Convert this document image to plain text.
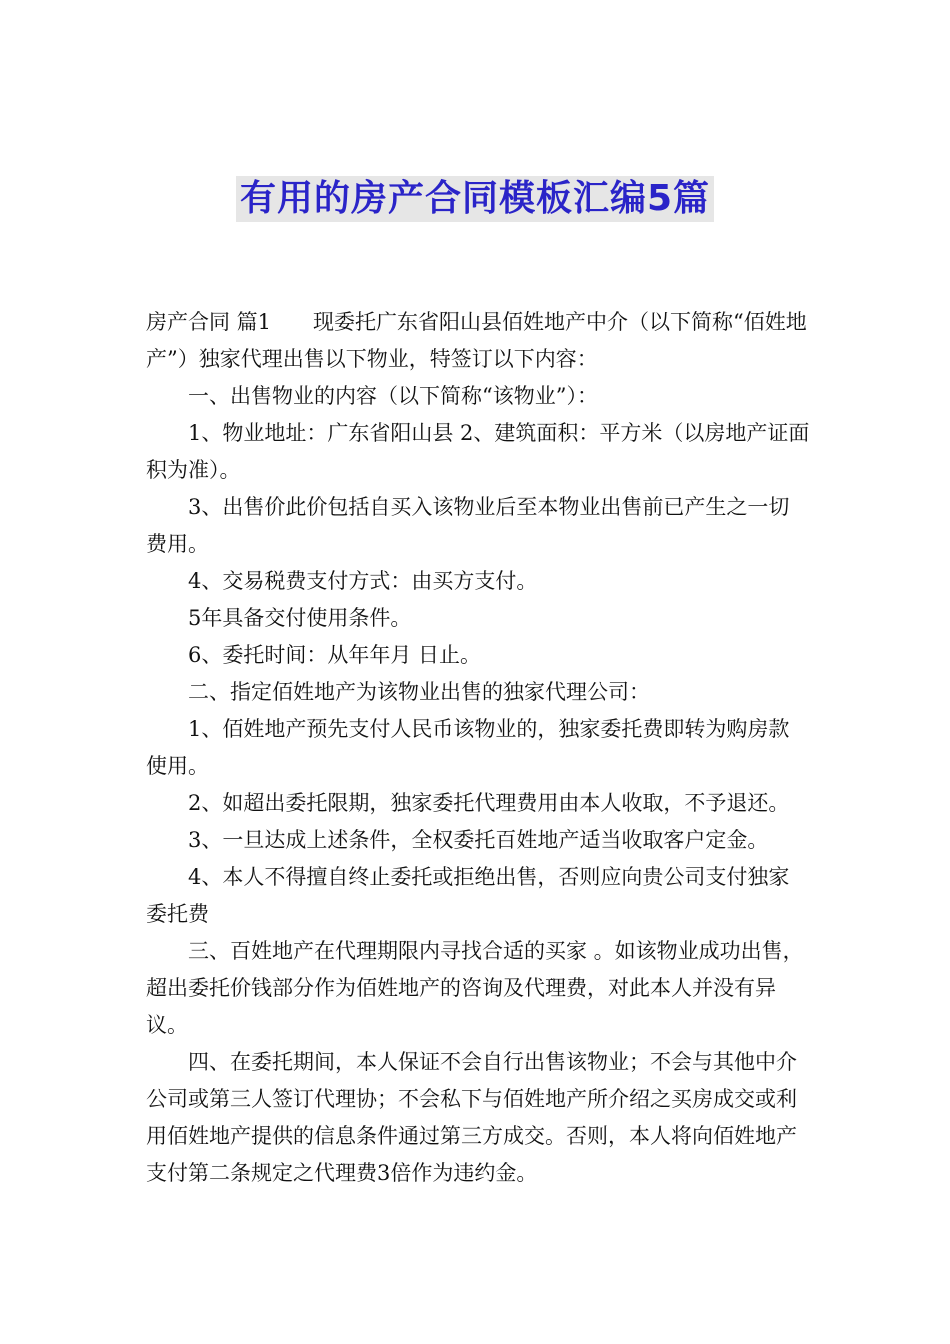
有用的房产合同模板汇编5篇

房产合同 篇1　　现委托广东省阳山县佰姓地产中介（以下简称“佰姓地产”）独家代理出售以下物业，特签订以下内容：

一、出售物业的内容（以下简称“该物业”）：

1、物业地址：广东省阳山县 2、建筑面积：平方米（以房地产证面积为准）。

3、出售价此价包括自买入该物业后至本物业出售前已产生之一切费用。

4、交易税费支付方式：由买方支付。

5年具备交付使用条件。

6、委托时间：从年年月 日止。

二、指定佰姓地产为该物业出售的独家代理公司：

1、佰姓地产预先支付人民币该物业的，独家委托费即转为购房款使用。

2、如超出委托限期，独家委托代理费用由本人收取，不予退还。

3、一旦达成上述条件，全权委托百姓地产适当收取客户定金。

4、本人不得擅自终止委托或拒绝出售，否则应向贵公司支付独家委托费

三、百姓地产在代理期限内寻找合适的买家 。如该物业成功出售，超出委托价钱部分作为佰姓地产的咨询及代理费，对此本人并没有异议。

四、在委托期间，本人保证不会自行出售该物业；不会与其他中介公司或第三人签订代理协；不会私下与佰姓地产所介绍之买房成交或利用佰姓地产提供的信息条件通过第三方成交。否则，本人将向佰姓地产支付第二条规定之代理费3倍作为违约金。
